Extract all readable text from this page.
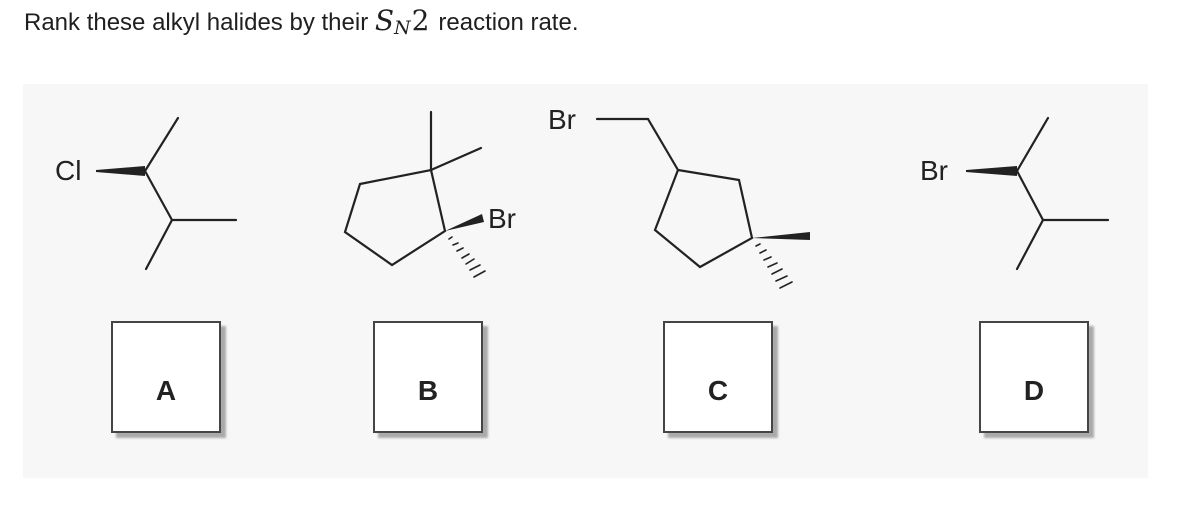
Rank these alkyl halides by their SN2 reaction rate.
Cl
Br
Br
Br
A	B	C	D
